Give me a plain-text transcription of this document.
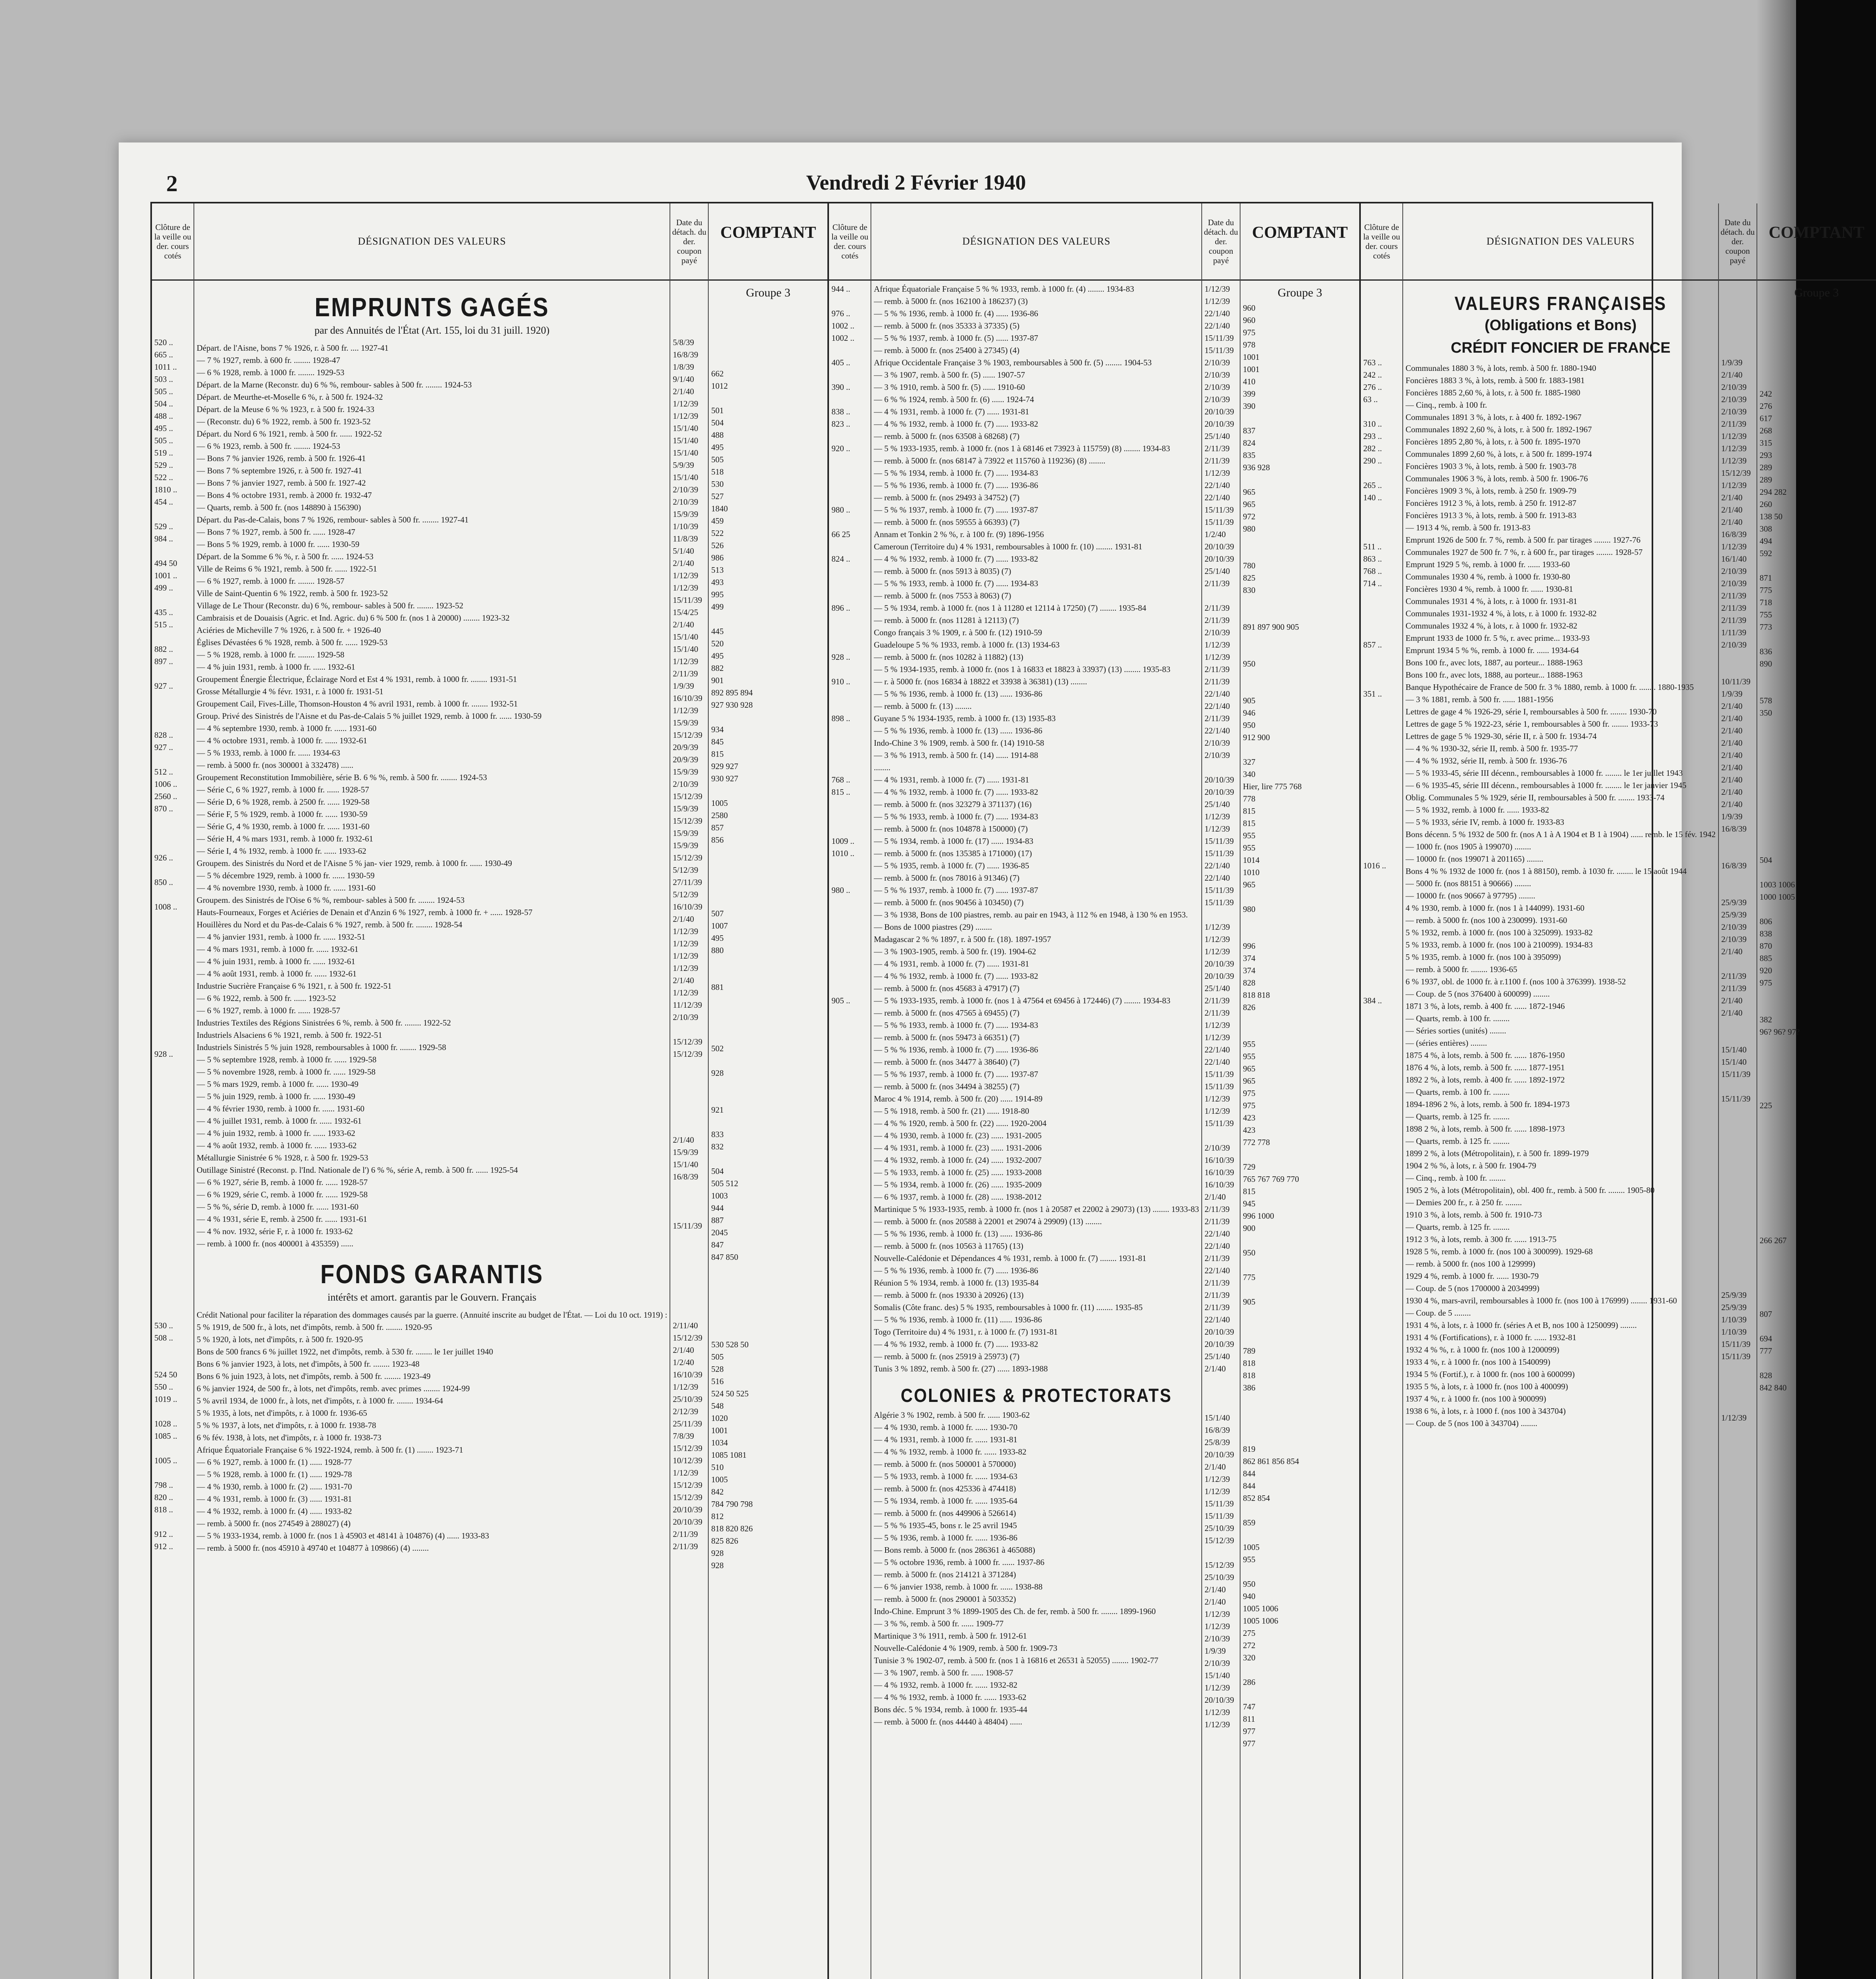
2	Vendredi 2 Février 1940
Clôture de la veille ou der. cours cotés
520 ..
665 ..
1011 ..
503 ..
505 ..
504 ..
488 ..
495 ..
505 ..
519 ..
529 ..
522 ..
1810 ..
454 ..
529 ..
984 ..
494 50
1001 ..
499 ..
435 ..
515 ..
882 ..
897 ..
927 ..
828 ..
927 ..
512 ..
1006 ..
2560 ..
870 ..
926 ..
850 ..
1008 ..
928 ..
530 ..
508 ..
524 50
550 ..
1019 ..
1028 ..
1085 ..
1005 ..
798 ..
820 ..
818 ..
912 ..
912 ..
DÉSIGNATION DES VALEURS
EMPRUNTS GAGÉS
par des Annuités de l'État (Art. 155, loi du 31 juill. 1920)
Départ. de l'Aisne, bons 7 % 1926, r. à 500 fr. .... 1927-41
— 7 % 1927, remb. à 600 fr. ........ 1928-47
— 6 % 1928, remb. à 1000 fr. ........ 1929-53
Départ. de la Marne (Reconstr. du) 6 % %, rembour- sables à 500 fr. ........ 1924-53
Départ. de Meurthe-et-Moselle 6 %, r. à 500 fr. 1924-32
Départ. de la Meuse 6 % % 1923, r. à 500 fr. 1924-33
— (Reconstr. du) 6 % 1922, remb. à 500 fr. 1923-52
Départ. du Nord 6 % 1921, remb. à 500 fr. ...... 1922-52
— 6 % 1923, remb. à 500 fr. ........ 1924-53
— Bons 7 % janvier 1926, remb. à 500 fr. 1926-41
— Bons 7 % septembre 1926, r. à 500 fr. 1927-41
— Bons 7 % janvier 1927, remb. à 500 fr. 1927-42
— Bons 4 % octobre 1931, remb. à 2000 fr. 1932-47
— Quarts, remb. à 500 fr. (nos 148890 à 156390)
Départ. du Pas-de-Calais, bons 7 % 1926, rembour- sables à 500 fr. ........ 1927-41
— Bons 7 % 1927, remb. à 500 fr. ...... 1928-47
— Bons 5 % 1929, remb. à 1000 fr. ...... 1930-59
Départ. de la Somme 6 % %, r. à 500 fr. ...... 1924-53
Ville de Reims 6 % 1921, remb. à 500 fr. ...... 1922-51
— 6 % 1927, remb. à 1000 fr. ........ 1928-57
Ville de Saint-Quentin 6 % 1922, remb. à 500 fr. 1923-52
Village de Le Thour (Reconstr. du) 6 %, rembour- sables à 500 fr. ........ 1923-52
Cambraisis et de Douaisis (Agric. et Ind. Agric. du) 6 % 500 fr. (nos 1 à 20000) ........ 1923-32
Aciéries de Micheville 7 % 1926, r. à 500 fr. + 1926-40
Églises Dévastées 6 % 1928, remb. à 500 fr. ...... 1929-53
— 5 % 1928, remb. à 1000 fr. ........ 1929-58
— 4 % juin 1931, remb. à 1000 fr. ...... 1932-61
Groupement Énergie Électrique, Éclairage Nord et Est 4 % 1931, remb. à 1000 fr. ........ 1931-51
Grosse Métallurgie 4 % févr. 1931, r. à 1000 fr. 1931-51
Groupement Cail, Fives-Lille, Thomson-Houston 4 % avril 1931, remb. à 1000 fr. ........ 1932-51
Group. Privé des Sinistrés de l'Aisne et du Pas-de-Calais 5 % juillet 1929, remb. à 1000 fr. ...... 1930-59
— 4 % septembre 1930, remb. à 1000 fr. ...... 1931-60
— 4 % octobre 1931, remb. à 1000 fr. ...... 1932-61
— 5 % 1933, remb. à 1000 fr. ...... 1934-63
— remb. à 5000 fr. (nos 300001 à 332478) ......
Groupement Reconstitution Immobilière, série B. 6 % %, remb. à 500 fr. ........ 1924-53
— Série C, 6 % 1927, remb. à 1000 fr. ...... 1928-57
— Série D, 6 % 1928, remb. à 2500 fr. ...... 1929-58
— Série F, 5 % 1929, remb. à 1000 fr. ...... 1930-59
— Série G, 4 % 1930, remb. à 1000 fr. ...... 1931-60
— Série H, 4 % mars 1931, remb. à 1000 fr. 1932-61
— Série I, 4 % 1932, remb. à 1000 fr. ...... 1933-62
Groupem. des Sinistrés du Nord et de l'Aisne 5 % jan- vier 1929, remb. à 1000 fr. ...... 1930-49
— 5 % décembre 1929, remb. à 1000 fr. ...... 1930-59
— 4 % novembre 1930, remb. à 1000 fr. ...... 1931-60
Groupem. des Sinistrés de l'Oise 6 % %, rembour- sables à 500 fr. ........ 1924-53
Hauts-Fourneaux, Forges et Aciéries de Denain et d'Anzin 6 % 1927, remb. à 1000 fr. + ...... 1928-57
Houillères du Nord et du Pas-de-Calais 6 % 1927, remb. à 500 fr. ........ 1928-54
— 4 % janvier 1931, remb. à 1000 fr. ...... 1932-51
— 4 % mars 1931, remb. à 1000 fr. ...... 1932-61
— 4 % juin 1931, remb. à 1000 fr. ...... 1932-61
— 4 % août 1931, remb. à 1000 fr. ...... 1932-61
Industrie Sucrière Française 6 % 1921, r. à 500 fr. 1922-51
— 6 % 1922, remb. à 500 fr. ...... 1923-52
— 6 % 1927, remb. à 1000 fr. ...... 1928-57
Industries Textiles des Régions Sinistrées 6 %, remb. à 500 fr. ........ 1922-52
Industriels Alsaciens 6 % 1921, remb. à 500 fr. 1922-51
Industriels Sinistrés 5 % juin 1928, remboursables à 1000 fr. ........ 1929-58
— 5 % septembre 1928, remb. à 1000 fr. ...... 1929-58
— 5 % novembre 1928, remb. à 1000 fr. ...... 1929-58
— 5 % mars 1929, remb. à 1000 fr. ...... 1930-49
— 5 % juin 1929, remb. à 1000 fr. ...... 1930-49
— 4 % février 1930, remb. à 1000 fr. ...... 1931-60
— 4 % juillet 1931, remb. à 1000 fr. ...... 1932-61
— 4 % juin 1932, remb. à 1000 fr. ...... 1933-62
— 4 % août 1932, remb. à 1000 fr. ...... 1933-62
Métallurgie Sinistrée 6 % 1928, r. à 500 fr. 1929-53
Outillage Sinistré (Reconst. p. l'Ind. Nationale de l') 6 % %, série A, remb. à 500 fr. ...... 1925-54
— 6 % 1927, série B, remb. à 1000 fr. ...... 1928-57
— 6 % 1929, série C, remb. à 1000 fr. ...... 1929-58
— 5 % %, série D, remb. à 1000 fr. ...... 1931-60
— 4 % 1931, série E, remb. à 2500 fr. ...... 1931-61
— 4 % nov. 1932, série F, r. à 1000 fr. 1933-62
— remb. à 1000 fr. (nos 400001 à 435359) ......
FONDS GARANTIS
intérêts et amort. garantis par le Gouvern. Français
Crédit National pour faciliter la réparation des dommages causés par la guerre. (Annuité inscrite au budget de l'État. — Loi du 10 oct. 1919) :
5 % 1919, de 500 fr., à lots, net d'impôts, remb. à 500 fr. ........ 1920-95
5 % 1920, à lots, net d'impôts, r. à 500 fr. 1920-95
Bons de 500 francs 6 % juillet 1922, net d'impôts, remb. à 530 fr. ........ le 1er juillet 1940
Bons 6 % janvier 1923, à lots, net d'impôts, à 500 fr. ........ 1923-48
Bons 6 % juin 1923, à lots, net d'impôts, remb. à 500 fr. ........ 1923-49
6 % janvier 1924, de 500 fr., à lots, net d'impôts, remb. avec primes ........ 1924-99
5 % avril 1934, de 1000 fr., à lots, net d'impôts, r. à 1000 fr. ........ 1934-64
5 % 1935, à lots, net d'impôts, r. à 1000 fr. 1936-65
5 % % 1937, à lots, net d'impôts, r. à 1000 fr. 1938-78
6 % fév. 1938, à lots, net d'impôts, r. à 1000 fr. 1938-73
Afrique Équatoriale Française 6 % 1922-1924, remb. à 500 fr. (1) ........ 1923-71
— 6 % 1927, remb. à 1000 fr. (1) ...... 1928-77
— 5 % 1928, remb. à 1000 fr. (1) ...... 1929-78
— 4 % 1930, remb. à 1000 fr. (2) ...... 1931-70
— 4 % 1931, remb. à 1000 fr. (3) ...... 1931-81
— 4 % 1932, remb. à 1000 fr. (4) ...... 1933-82
— remb. à 5000 fr. (nos 274549 à 288027) (4)
— 5 % 1933-1934, remb. à 1000 fr. (nos 1 à 45903 et 48141 à 104876) (4) ...... 1933-83
— remb. à 5000 fr. (nos 45910 à 49740 et 104877 à 109866) (4) ........
Date du détach. du der. coupon payé
5/8/39
16/8/39
1/8/39
9/1/40
2/1/40
1/12/39
1/12/39
15/1/40
15/1/40
15/1/40
5/9/39
15/1/40
2/10/39
2/10/39
15/9/39
1/10/39
11/8/39
5/1/40
2/1/40
1/12/39
1/12/39
15/11/39
15/4/25
2/1/40
15/1/40
15/1/40
1/12/39
2/11/39
1/9/39
16/10/39
1/12/39
15/9/39
15/12/39
20/9/39
20/9/39
15/9/39
2/10/39
15/12/39
15/9/39
15/12/39
15/9/39
15/9/39
15/12/39
5/12/39
27/11/39
5/12/39
16/10/39
2/1/40
1/12/39
1/12/39
1/12/39
1/12/39
2/1/40
1/12/39
11/12/39
2/10/39
15/12/39
15/12/39
2/1/40
15/9/39
15/1/40
16/8/39
15/11/39
2/11/40
15/12/39
2/1/40
1/2/40
16/10/39
1/12/39
25/10/39
2/12/39
25/11/39
7/8/39
15/12/39
10/12/39
1/12/39
15/12/39
15/12/39
20/10/39
20/10/39
2/11/39
2/11/39
COMPTANT
Groupe 3
662
1012
501
504
488
495
505
518
530
527
1840
459
522
526
986
513
493
995
499
445
520
495
882
901
892 895 894
927 930 928
934
845
815
929 927
930 927
1005
2580
857
856
507
1007
495
880
881
502
928
921
833
832
504
505 512
1003
944
887
2045
847
847 850
530 528 50
505
528
516
524 50 525
548
1020
1001
1034
1085 1081
510
1005
842
784 790 798
812
818 820 826
825 826
928
928
Clôture de la veille ou der. cours cotés
944 ..
976 ..
1002 ..
1002 ..
405 ..
390 ..
838 ..
823 ..
920 ..
980 ..
66 25
824 ..
896 ..
928 ..
910 ..
898 ..
768 ..
815 ..
1009 ..
1010 ..
980 ..
905 ..
DÉSIGNATION DES VALEURS
Afrique Équatoriale Française 5 % % 1933, remb. à 1000 fr. (4) ........ 1934-83
— remb. à 5000 fr. (nos 162100 à 186237) (3)
— 5 % % 1936, remb. à 1000 fr. (4) ...... 1936-86
— remb. à 5000 fr. (nos 35333 à 37335) (5)
— 5 % % 1937, remb. à 1000 fr. (5) ...... 1937-87
— remb. à 5000 fr. (nos 25400 à 27345) (4)
Afrique Occidentale Française 3 % 1903, remboursables à 500 fr. (5) ........ 1904-53
— 3 % 1907, remb. à 500 fr. (5) ...... 1907-57
— 3 % 1910, remb. à 500 fr. (5) ...... 1910-60
— 6 % % 1924, remb. à 500 fr. (6) ...... 1924-74
— 4 % 1931, remb. à 1000 fr. (7) ...... 1931-81
— 4 % % 1932, remb. à 1000 fr. (7) ...... 1933-82
— remb. à 5000 fr. (nos 63508 à 68268) (7)
— 5 % 1933-1935, remb. à 1000 fr. (nos 1 à 68146 et 73923 à 115759) (8) ........ 1934-83
— remb. à 5000 fr. (nos 68147 à 73922 et 115760 à 119236) (8) ........
— 5 % % 1934, remb. à 1000 fr. (7) ...... 1934-83
— 5 % % 1936, remb. à 1000 fr. (7) ...... 1936-86
— remb. à 5000 fr. (nos 29493 à 34752) (7)
— 5 % % 1937, remb. à 1000 fr. (7) ...... 1937-87
— remb. à 5000 fr. (nos 59555 à 66393) (7)
Annam et Tonkin 2 % %, r. à 100 fr. (9) 1896-1956
Cameroun (Territoire du) 4 % 1931, remboursables à 1000 fr. (10) ........ 1931-81
— 4 % % 1932, remb. à 1000 fr. (7) ...... 1933-82
— remb. à 5000 fr. (nos 5913 à 8035) (7)
— 5 % % 1933, remb. à 1000 fr. (7) ...... 1934-83
— remb. à 5000 fr. (nos 7553 à 8063) (7)
— 5 % 1934, remb. à 1000 fr. (nos 1 à 11280 et 12114 à 17250) (7) ........ 1935-84
— remb. à 5000 fr. (nos 11281 à 12113) (7)
Congo français 3 % 1909, r. à 500 fr. (12) 1910-59
Guadeloupe 5 % % 1933, remb. à 1000 fr. (13) 1934-63
— remb. à 5000 fr. (nos 10282 à 11882) (13)
— 5 % 1934-1935, remb. à 1000 fr. (nos 1 à 16833 et 18823 à 33937) (13) ........ 1935-83
— r. à 5000 fr. (nos 16834 à 18822 et 33938 à 36381) (13) ........
— 5 % % 1936, remb. à 1000 fr. (13) ...... 1936-86
— remb. à 5000 fr. (13) ........
Guyane 5 % 1934-1935, remb. à 1000 fr. (13) 1935-83
— 5 % % 1936, remb. à 1000 fr. (13) ...... 1936-86
Indo-Chine 3 % 1909, remb. à 500 fr. (14) 1910-58
— 3 % % 1913, remb. à 500 fr. (14) ...... 1914-88
........
— 4 % 1931, remb. à 1000 fr. (7) ...... 1931-81
— 4 % % 1932, remb. à 1000 fr. (7) ...... 1933-82
— remb. à 5000 fr. (nos 323279 à 371137) (16)
— 5 % % 1933, remb. à 1000 fr. (7) ...... 1934-83
— remb. à 5000 fr. (nos 104878 à 150000) (7)
— 5 % 1934, remb. à 1000 fr. (17) ...... 1934-83
— remb. à 5000 fr. (nos 135385 à 171000) (17)
— 5 % 1935, remb. à 1000 fr. (7) ...... 1936-85
— remb. à 5000 fr. (nos 78016 à 91346) (7)
— 5 % % 1937, remb. à 1000 fr. (7) ...... 1937-87
— remb. à 5000 fr. (nos 90456 à 103450) (7)
— 3 % 1938, Bons de 100 piastres, remb. au pair en 1943, à 112 % en 1948, à 130 % en 1953.
— Bons de 1000 piastres (29) ........
Madagascar 2 % % 1897, r. à 500 fr. (18). 1897-1957
— 3 % 1903-1905, remb. à 500 fr. (19). 1904-62
— 4 % 1931, remb. à 1000 fr. (7) ...... 1931-81
— 4 % % 1932, remb. à 1000 fr. (7) ...... 1933-82
— remb. à 5000 fr. (nos 45683 à 47917) (7)
— 5 % 1933-1935, remb. à 1000 fr. (nos 1 à 47564 et 69456 à 172446) (7) ........ 1934-83
— remb. à 5000 fr. (nos 47565 à 69455) (7)
— 5 % % 1933, remb. à 1000 fr. (7) ...... 1934-83
— remb. à 5000 fr. (nos 59473 à 66351) (7)
— 5 % % 1936, remb. à 1000 fr. (7) ...... 1936-86
— remb. à 5000 fr. (nos 34477 à 38640) (7)
— 5 % % 1937, remb. à 1000 fr. (7) ...... 1937-87
— remb. à 5000 fr. (nos 34494 à 38255) (7)
Maroc 4 % 1914, remb. à 500 fr. (20) ...... 1914-89
— 5 % 1918, remb. à 500 fr. (21) ...... 1918-80
— 4 % % 1920, remb. à 500 fr. (22) ...... 1920-2004
— 4 % 1930, remb. à 1000 fr. (23) ...... 1931-2005
— 4 % 1931, remb. à 1000 fr. (23) ...... 1931-2006
— 4 % 1932, remb. à 1000 fr. (24) ...... 1932-2007
— 5 % 1933, remb. à 1000 fr. (25) ...... 1933-2008
— 5 % 1934, remb. à 1000 fr. (26) ...... 1935-2009
— 6 % 1937, remb. à 1000 fr. (28) ...... 1938-2012
Martinique 5 % 1933-1935, remb. à 1000 fr. (nos 1 à 20587 et 22002 à 29073) (13) ........ 1933-83
— remb. à 5000 fr. (nos 20588 à 22001 et 29074 à 29909) (13) ........
— 5 % % 1936, remb. à 1000 fr. (13) ...... 1936-86
— remb. à 5000 fr. (nos 10563 à 11765) (13)
Nouvelle-Calédonie et Dépendances 4 % 1931, remb. à 1000 fr. (7) ........ 1931-81
— 5 % % 1936, remb. à 1000 fr. (7) ...... 1936-86
Réunion 5 % 1934, remb. à 1000 fr. (13) 1935-84
— remb. à 5000 fr. (nos 19330 à 20926) (13)
Somalis (Côte franc. des) 5 % 1935, remboursables à 1000 fr. (11) ........ 1935-85
— 5 % % 1936, remb. à 1000 fr. (11) ...... 1936-86
Togo (Territoire du) 4 % 1931, r. à 1000 fr. (7) 1931-81
— 4 % % 1932, remb. à 1000 fr. (7) ...... 1933-82
— remb. à 5000 fr. (nos 25919 à 25973) (7)
Tunis 3 % 1892, remb. à 500 fr. (27) ...... 1893-1988
COLONIES & PROTECTORATS
Algérie 3 % 1902, remb. à 500 fr. ...... 1903-62
— 4 % 1930, remb. à 1000 fr. ...... 1930-70
— 4 % 1931, remb. à 1000 fr. ...... 1931-81
— 4 % % 1932, remb. à 1000 fr. ...... 1933-82
— remb. à 5000 fr. (nos 500001 à 570000)
— 5 % 1933, remb. à 1000 fr. ...... 1934-63
— remb. à 5000 fr. (nos 425336 à 474418)
— 5 % 1934, remb. à 1000 fr. ...... 1935-64
— remb. à 5000 fr. (nos 449906 à 526614)
— 5 % % 1935-45, bons r. le 25 avril 1945
— 5 % 1936, remb. à 1000 fr. ...... 1936-86
— Bons remb. à 5000 fr. (nos 286361 à 465088)
— 5 % octobre 1936, remb. à 1000 fr. ...... 1937-86
— remb. à 5000 fr. (nos 214121 à 371284)
— 6 % janvier 1938, remb. à 1000 fr. ...... 1938-88
— remb. à 5000 fr. (nos 290001 à 503352)
Indo-Chine. Emprunt 3 % 1899-1905 des Ch. de fer, remb. à 500 fr. ........ 1899-1960
— 3 % %, remb. à 500 fr. ...... 1909-77
Martinique 3 % 1911, remb. à 500 fr. 1912-61
Nouvelle-Calédonie 4 % 1909, remb. à 500 fr. 1909-73
Tunisie 3 % 1902-07, remb. à 500 fr. (nos 1 à 16816 et 26531 à 52055) ........ 1902-77
— 3 % 1907, remb. à 500 fr. ...... 1908-57
— 4 % 1932, remb. à 1000 fr. ...... 1932-82
— 4 % % 1932, remb. à 1000 fr. ...... 1933-62
Bons déc. 5 % 1934, remb. à 1000 fr. 1935-44
— remb. à 5000 fr. (nos 44440 à 48404) ......
Date du détach. du der. coupon payé
1/12/39
1/12/39
22/1/40
22/1/40
15/11/39
15/11/39
2/10/39
2/10/39
2/10/39
2/10/39
20/10/39
20/10/39
25/1/40
2/11/39
2/11/39
1/12/39
22/1/40
22/1/40
15/11/39
15/11/39
1/2/40
20/10/39
20/10/39
25/1/40
2/11/39
2/11/39
2/11/39
2/10/39
1/12/39
1/12/39
2/11/39
2/11/39
22/1/40
22/1/40
2/11/39
22/1/40
2/10/39
2/10/39
20/10/39
20/10/39
25/1/40
1/12/39
1/12/39
15/11/39
15/11/39
22/1/40
22/1/40
15/11/39
15/11/39
1/12/39
1/12/39
1/12/39
20/10/39
20/10/39
25/1/40
2/11/39
2/11/39
1/12/39
1/12/39
22/1/40
22/1/40
15/11/39
15/11/39
1/12/39
1/12/39
15/11/39
2/10/39
16/10/39
16/10/39
16/10/39
2/1/40
2/11/39
2/11/39
22/1/40
22/1/40
2/11/39
22/1/40
2/11/39
2/11/39
2/11/39
22/1/40
20/10/39
20/10/39
25/1/40
2/1/40
15/1/40
16/8/39
25/8/39
20/10/39
2/1/40
1/12/39
1/12/39
15/11/39
15/11/39
25/10/39
15/12/39
15/12/39
25/10/39
2/1/40
2/1/40
1/12/39
1/12/39
2/10/39
1/9/39
2/10/39
15/1/40
1/12/39
20/10/39
1/12/39
1/12/39
COMPTANT
Groupe 3
960
960
975
978
1001
1001
410
399
390
837
824
835
936 928
965
965
972
980
780
825
830
891 897 900 905
950
905
946
950
912 900
327
340
Hier, lire 775 768
778
815
815
955
955
1014
1010
965
980
996
374
374
828
818 818
826
955
955
965
965
975
975
423
423
772 778
729
765 767 769 770
815
945
996 1000
900
950
775
905
789
818
818
386
819
862 861 856 854
844
844
852 854
859
1005
955
950
940
1005 1006
1005 1006
275
272
320
286
747
811
977
977
Clôture de la veille ou der. cours cotés
763 ..
242 ..
276 ..
63 ..
310 ..
293 ..
282 ..
290 ..
265 ..
140 ..
511 ..
863 ..
768 ..
714 ..
857 ..
351 ..
1016 ..
384 ..
DÉSIGNATION DES VALEURS
VALEURS FRANÇAISES
(Obligations et Bons)
CRÉDIT FONCIER DE FRANCE
Communales 1880 3 %, à lots, remb. à 500 fr. 1880-1940
Foncières 1883 3 %, à lots, remb. à 500 fr. 1883-1981
Foncières 1885 2,60 %, à lots, r. à 500 fr. 1885-1980
— Cinq., remb. à 100 fr.
Communales 1891 3 %, à lots, r. à 400 fr. 1892-1967
Communales 1892 2,60 %, à lots, r. à 500 fr. 1892-1967
Foncières 1895 2,80 %, à lots, r. à 500 fr. 1895-1970
Communales 1899 2,60 %, à lots, r. à 500 fr. 1899-1974
Foncières 1903 3 %, à lots, remb. à 500 fr. 1903-78
Communales 1906 3 %, à lots, remb. à 500 fr. 1906-76
Foncières 1909 3 %, à lots, remb. à 250 fr. 1909-79
Foncières 1912 3 %, à lots, remb. à 250 fr. 1912-87
Foncières 1913 3 %, à lots, remb. à 500 fr. 1913-83
— 1913 4 %, remb. à 500 fr. 1913-83
Emprunt 1926 de 500 fr. 7 %, remb. à 500 fr. par tirages ........ 1927-76
Communales 1927 de 500 fr. 7 %, r. à 600 fr., par tirages ........ 1928-57
Emprunt 1929 5 %, remb. à 1000 fr. ...... 1933-60
Communales 1930 4 %, remb. à 1000 fr. 1930-80
Foncières 1930 4 %, remb. à 1000 fr. ...... 1930-81
Communales 1931 4 %, à lots, r. à 1000 fr. 1931-81
Communales 1931-1932 4 %, à lots, r. à 1000 fr. 1932-82
Communales 1932 4 %, à lots, r. à 1000 fr. 1932-82
Emprunt 1933 de 1000 fr. 5 %, r. avec prime... 1933-93
Emprunt 1934 5 % %, remb. à 1000 fr. ...... 1934-64
Bons 100 fr., avec lots, 1887, au porteur... 1888-1963
Bons 100 fr., avec lots, 1888, au porteur... 1888-1963
Banque Hypothécaire de France de 500 fr. 3 % 1880, remb. à 1000 fr. ........ 1880-1935
— 3 % 1881, remb. à 500 fr. ...... 1881-1956
Lettres de gage 4 % 1926-29, série I, remboursables à 500 fr. ........ 1930-70
Lettres de gage 5 % 1922-23, série 1, remboursables à 500 fr. ........ 1933-73
Lettres de gage 5 % 1929-30, série II, r. à 500 fr. 1934-74
— 4 % % 1930-32, série II, remb. à 500 fr. 1935-77
— 4 % % 1932, série II, remb. à 500 fr. 1936-76
— 5 % 1933-45, série III décenn., remboursables à 1000 fr. ........ le 1er juillet 1943
— 6 % 1935-45, série III décenn., remboursables à 1000 fr. ........ le 1er janvier 1945
Oblig. Communales 5 % 1929, série II, remboursables à 500 fr. ........ 1933-74
— 5 % 1932, remb. à 1000 fr. ...... 1933-82
— 5 % 1933, série IV, remb. à 1000 fr. 1933-83
Bons décenn. 5 % 1932 de 500 fr. (nos A 1 à A 1904 et B 1 à 1904) ...... remb. le 15 fév. 1942
— 1000 fr. (nos 1905 à 199070) ........
— 10000 fr. (nos 199071 à 201165) ........
Bons 4 % % 1932 de 1000 fr. (nos 1 à 88150), remb. à 1030 fr. ........ le 15 août 1944
— 5000 fr. (nos 88151 à 90666) ........
— 10000 fr. (nos 90667 à 97795) ........
4 % 1930, remb. à 1000 fr. (nos 1 à 144099). 1931-60
— remb. à 5000 fr. (nos 100 à 230099). 1931-60
5 % 1932, remb. à 1000 fr. (nos 100 à 325099). 1933-82
5 % 1933, remb. à 1000 fr. (nos 100 à 210099). 1934-83
5 % 1935, remb. à 1000 fr. (nos 100 à 395099)
— remb. à 5000 fr. ........ 1936-65
6 % 1937, obl. de 1000 fr. à r.1100 f. (nos 100 à 376399). 1938-52
— Coup. de 5 (nos 376400 à 600099) ........
1871 3 %, à lots, remb. à 400 fr. ...... 1872-1946
— Quarts, remb. à 100 fr. ........
— Séries sorties (unités) ........
— (séries entières) ........
1875 4 %, à lots, remb. à 500 fr. ...... 1876-1950
1876 4 %, à lots, remb. à 500 fr. ...... 1877-1951
1892 2 %, à lots, remb. à 400 fr. ...... 1892-1972
— Quarts, remb. à 100 fr. ........
1894-1896 2 %, à lots, remb. à 500 fr. 1894-1973
— Quarts, remb. à 125 fr. ........
1898 2 %, à lots, remb. à 500 fr. ...... 1898-1973
— Quarts, remb. à 125 fr. ........
1899 2 %, à lots (Métropolitain), r. à 500 fr. 1899-1979
1904 2 % %, à lots, r. à 500 fr. 1904-79
— Cinq., remb. à 100 fr. ........
1905 2 %, à lots (Métropolitain), obl. 400 fr., remb. à 500 fr. ........ 1905-80
— Demies 200 fr., r. à 250 fr. ........
1910 3 %, à lots, remb. à 500 fr. 1910-73
— Quarts, remb. à 125 fr. ........
1912 3 %, à lots, remb. à 300 fr. ...... 1913-75
1928 5 %, remb. à 1000 fr. (nos 100 à 300099). 1929-68
— remb. à 5000 fr. (nos 100 à 129999)
1929 4 %, remb. à 1000 fr. ...... 1930-79
— Coup. de 5 (nos 1700000 à 2034999)
1930 4 %, mars-avril, remboursables à 1000 fr. (nos 100 à 176999) ........ 1931-60
— Coup. de 5 ........
1931 4 %, à lots, r. à 1000 fr. (séries A et B, nos 100 à 1250099) ........
1931 4 % (Fortifications), r. à 1000 fr. ...... 1932-81
1932 4 % %, r. à 1000 fr. (nos 100 à 1200099)
1933 4 %, r. à 1000 fr. (nos 100 à 1540099)
1934 5 % (Fortif.), r. à 1000 fr. (nos 100 à 600099)
1935 5 %, à lots, r. à 1000 fr. (nos 100 à 400099)
1937 4 %, r. à 1000 fr. (nos 100 à 900099)
1938 6 %, à lots, r. à 1000 f. (nos 100 à 343704)
— Coup. de 5 (nos 100 à 343704) ........
Date du détach. du der. coupon payé
1/9/39
2/1/40
2/10/39
2/10/39
2/10/39
2/11/39
1/12/39
1/12/39
1/12/39
15/12/39
1/12/39
2/1/40
2/1/40
2/1/40
16/8/39
1/12/39
16/1/40
2/10/39
2/10/39
2/11/39
2/11/39
2/11/39
1/11/39
2/10/39
10/11/39
1/9/39
2/1/40
2/1/40
2/1/40
2/1/40
2/1/40
2/1/40
2/1/40
2/1/40
2/1/40
1/9/39
16/8/39
16/8/39
25/9/39
25/9/39
2/10/39
2/10/39
2/1/40
2/11/39
2/11/39
2/1/40
2/1/40
15/1/40
15/1/40
15/11/39
15/11/39
25/9/39
25/9/39
1/10/39
1/10/39
15/11/39
15/11/39
1/12/39
COMPTANT
Groupe 3
242
276
617
268
315
293
289
289
294 282
260
138 50
308
494
592
871
775
718
755
773
836
890
578
350
504
1003 1006
1000 1005
806
838
870
885
920
975
382
96? 96? 97?
225
266 267
807
694
777
828
842 840
